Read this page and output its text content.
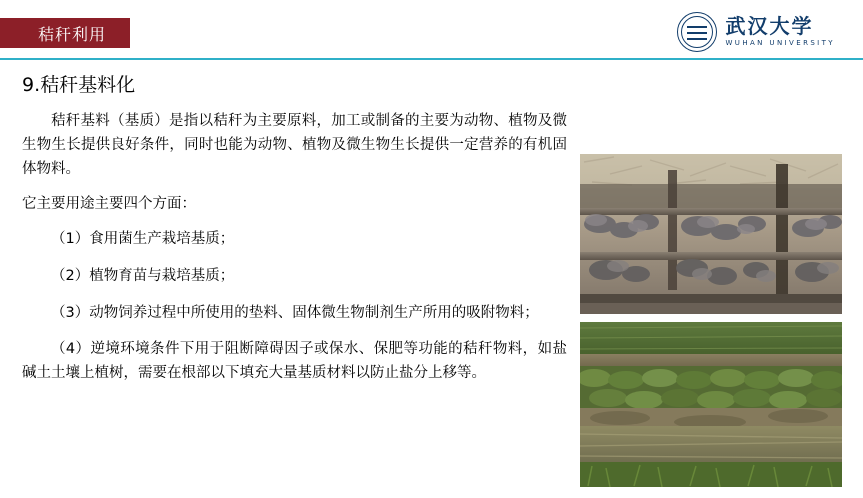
秸秆利用	武汉大学
WUHAN UNIVERSITY
9.秸秆基料化

秸秆基料（基质）是指以秸秆为主要原料，加工或制备的主要为动物、植物及微生物生长提供良好条件，同时也能为动物、植物及微生物生长提供一定营养的有机固体物料。

它主要用途主要四个方面：

（1）食用菌生产栽培基质；

（2）植物育苗与栽培基质；

（3）动物饲养过程中所使用的垫料、固体微生物制剂生产所用的吸附物料；

（4）逆境环境条件下用于阻断障碍因子或保水、保肥等功能的秸秆物料，如盐碱土土壤上植树，需要在根部以下填充大量基质材料以防止盐分上移等。
